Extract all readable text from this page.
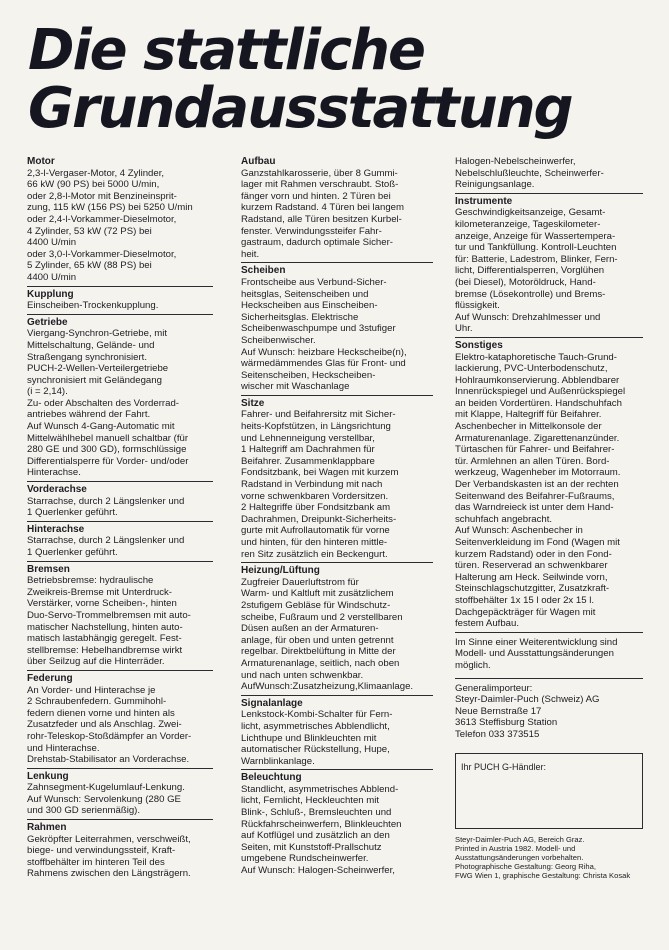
Die stattliche
Grundausstattung
Motor

2,3-l-Vergaser-Motor, 4 Zylinder,
66 kW (90 PS) bei 5000 U/min,
oder 2,8-l-Motor mit Benzineinsprit-
zung, 115 kW (156 PS) bei 5250 U/min
oder 2,4-l-Vorkammer-Dieselmotor,
4 Zylinder, 53 kW (72 PS) bei
4400 U/min
oder 3,0-l-Vorkammer-Dieselmotor,
5 Zylinder, 65 kW (88 PS) bei
4400 U/min

Kupplung

Einscheiben-Trockenkupplung.

Getriebe

Viergang-Synchron-Getriebe, mit
Mittelschaltung, Gelände- und
Straßengang synchronisiert.
PUCH-2-Wellen-Verteilergetriebe
synchronisiert mit Geländegang
(i = 2,14).
Zu- oder Abschalten des Vorderrad-
antriebes während der Fahrt.
Auf Wunsch 4-Gang-Automatic mit
Mittelwählhebel manuell schaltbar (für
280 GE und 300 GD), formschlüssige
Differentialsperre für Vorder- und/oder
Hinterachse.

Vorderachse

Starrachse, durch 2 Längslenker und
1 Querlenker geführt.

Hinterachse

Starrachse, durch 2 Längslenker und
1 Querlenker geführt.

Bremsen

Betriebsbremse: hydraulische
Zweikreis-Bremse mit Unterdruck-
Verstärker, vorne Scheiben-, hinten
Duo-Servo-Trommelbremsen mit auto-
matischer Nachstellung, hinten auto-
matisch lastabhängig geregelt. Fest-
stellbremse: Hebelhandbremse wirkt
über Seilzug auf die Hinterräder.

Federung

An Vorder- und Hinterachse je
2 Schraubenfedern. Gummihohl-
federn dienen vorne und hinten als
Zusatzfeder und als Anschlag. Zwei-
rohr-Teleskop-Stoßdämpfer an Vorder-
und Hinterachse.
Drehstab-Stabilisator an Vorderachse.

Lenkung

Zahnsegment-Kugelumlauf-Lenkung.
Auf Wunsch: Servolenkung (280 GE
und 300 GD serienmäßig).

Rahmen

Gekröpfter Leiterrahmen, verschweißt,
biege- und verwindungssteif, Kraft-
stoffbehälter im hinteren Teil des
Rahmens zwischen den Längsträgern.

Aufbau

Ganzstahlkarosserie, über 8 Gummi-
lager mit Rahmen verschraubt. Stoß-
fänger vorn und hinten. 2 Türen bei
kurzem Radstand. 4 Türen bei langem
Radstand, alle Türen besitzen Kurbel-
fenster. Verwindungssteifer Fahr-
gastraum, dadurch optimale Sicher-
heit.

Scheiben

Frontscheibe aus Verbund-Sicher-
heitsglas, Seitenscheiben und
Heckscheiben aus Einscheiben-
Sicherheitsglas. Elektrische
Scheibenwaschpumpe und 3stufiger
Scheibenwischer.
Auf Wunsch: heizbare Heckscheibe(n),
wärmedämmendes Glas für Front- und
Seitenscheiben, Heckscheiben-
wischer mit Waschanlage

Sitze

Fahrer- und Beifahrersitz mit Sicher-
heits-Kopfstützen, in Längsrichtung
und Lehnenneigung verstellbar,
1 Haltegriff am Dachrahmen für
Beifahrer. Zusammenklappbare
Fondsitzbank, bei Wagen mit kurzem
Radstand in Verbindung mit nach
vorne schwenkbaren Vordersitzen.
2 Haltegriffe über Fondsitzbank am
Dachrahmen, Dreipunkt-Sicherheits-
gurte mit Aufrollautomatik für vorne
und hinten, für den hinteren mittle-
ren Sitz zusätzlich ein Beckengurt.

Heizung/Lüftung

Zugfreier Dauerluftstrom für
Warm- und Kaltluft mit zusätzlichem
2stufigem Gebläse für Windschutz-
scheibe, Fußraum und 2 verstellbaren
Düsen außen an der Armaturen-
anlage, für oben und unten getrennt
regelbar. Direktbelüftung in Mitte der
Armaturenanlage, seitlich, nach oben
und nach unten schwenkbar.
AufWunsch:Zusatzheizung,Klimaanlage.

Signalanlage

Lenkstock-Kombi-Schalter für Fern-
licht, asymmetrisches Abblendlicht,
Lichthupe und Blinkleuchten mit
automatischer Rückstellung, Hupe,
Warnblinkanlage.

Beleuchtung

Standlicht, asymmetrisches Abblend-
licht, Fernlicht, Heckleuchten mit
Blink-, Schluß-, Bremsleuchten und
Rückfahrscheinwerfern, Blinkleuchten
auf Kotflügel und zusätzlich an den
Seiten, mit Kunststoff-Prallschutz
umgebene Rundscheinwerfer.
Auf Wunsch: Halogen-Scheinwerfer,

Halogen-Nebelscheinwerfer,
Nebelschlußleuchte, Scheinwerfer-
Reinigungsanlage.

Instrumente

Geschwindigkeitsanzeige, Gesamt-
kilometeranzeige, Tageskilometer-
anzeige, Anzeige für Wassertempera-
tur und Tankfüllung. Kontroll-Leuchten
für: Batterie, Ladestrom, Blinker, Fern-
licht, Differentialsperren, Vorglühen
(bei Diesel), Motoröldruck, Hand-
bremse (Lösekontrolle) und Brems-
flüssigkeit.
Auf Wunsch: Drehzahlmesser und
Uhr.

Sonstiges

Elektro-kataphoretische Tauch-Grund-
lackierung, PVC-Unterbodenschutz,
Hohlraumkonservierung. Abblendbarer
Innenrückspiegel und Außenrückspiegel
an beiden Vordertüren. Handschuhfach
mit Klappe, Haltegriff für Beifahrer.
Aschenbecher in Mittelkonsole der
Armaturenanlage. Zigarettenanzünder.
Türtaschen für Fahrer- und Beifahrer-
tür. Armlehnen an allen Türen. Bord-
werkzeug, Wagenheber im Motorraum.
Der Verbandskasten ist an der rechten
Seitenwand des Beifahrer-Fußraums,
das Warndreieck ist unter dem Hand-
schuhfach angebracht.
Auf Wunsch: Aschenbecher in
Seitenverkleidung im Fond (Wagen mit
kurzem Radstand) oder in den Fond-
türen. Reserverad an schwenkbarer
Halterung am Heck. Seilwinde vorn,
Steinschlagschutzgitter, Zusatzkraft-
stoffbehälter 1x 15 l oder 2x 15 l.
Dachgepäckträger für Wagen mit
festem Aufbau.

Im Sinne einer Weiterentwicklung sind
Modell- und Ausstattungsänderungen
möglich.

Generalimporteur:
Steyr-Daimler-Puch (Schweiz) AG
Neue Bernstraße 17
3613 Steffisburg Station
Telefon 033 373515

Ihr PUCH G-Händler:

Steyr-Daimler-Puch AG, Bereich Graz.
Printed in Austria 1982. Modell- und
Ausstattungsänderungen vorbehalten.
Photographische Gestaltung: Georg Riha,
FWG Wien 1, graphische Gestaltung: Christa Kosak
